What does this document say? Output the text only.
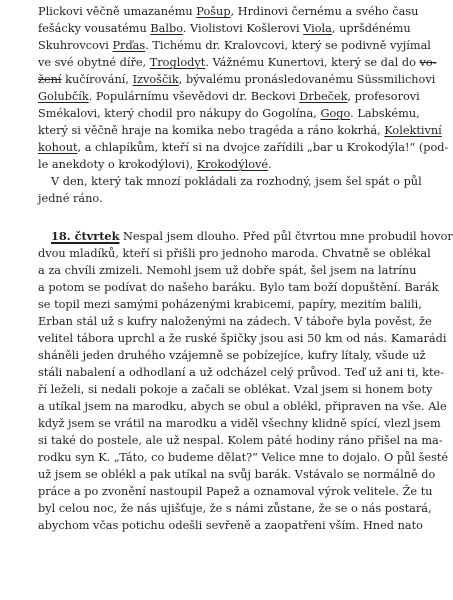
Plickovi věčně umazanému Pošup, Hrdinovi černému a svého času
fešácky vousatému Balbo. Violistovi Košlerovi Viola, upršdénému
Skuhrovcovi Prďas. Tichému dr. Kralovcovi, který se podivně vyjímal
ve své obytné díře, Troglodyt. Vážnému Kunertovi, který se dal do vo-
žení kučírování, Izvoščik, bývalému pronásledovanému Süssmilichovi
Golubčík. Populárnímu vševědovi dr. Beckovi Drbeček, profesorovi
Smékalovi, který chodil pro nákupy do Gogolína, Gogo. Labskému,
který si věčně hraje na komika nebo tragéda a ráno kokrhá, Kolektivní
kohout, a chlapíkům, kteří si na dvojce zařídili „bar u Krokodýla!“ (pod-
le anekdoty o krokodýlovi), Krokodýlové.
V den, který tak mnozí pokládali za rozhodný, jsem šel spát o půl
jedné ráno.
18. čtvrtek Nespal jsem dlouho. Před půl čtvrtou mne probudil hovor
dvou mladíků, kteří si přišli pro jednoho maroda. Chvatně se oblékal
a za chvíli zmizeli. Nemohl jsem už dobře spát, šel jsem na latrínu
a potom se podívat do našeho baráku. Bylo tam boží dopuštění. Barák
se topil mezi samými poházenými krabicemi, papíry, mezitím balili,
Erban stál už s kufry naloženými na zádech. V táboře byla pověst, že
velitel tábora uprchl a že ruské špičky jsou asi 50 km od nás. Kamarádi
sháněli jeden druhého vzájemně se pobízejíce, kufry lítaly, všude už
stáli nabalení a odhodlaní a už odcházel celý průvod. Teď už ani ti, kte-
ří leželi, si nedali pokoje a začali se oblékat. Vzal jsem si honem boty
a utíkal jsem na marodku, abych se obul a oblékl, připraven na vše. Ale
když jsem se vrátil na marodku a viděl všechny klidně spící, vlezl jsem
si také do postele, ale už nespal. Kolem páté hodiny ráno přišel na ma-
rodku syn K. „Táto, co budeme dělat?“ Velice mne to dojalo. O půl šesté
už jsem se oblékl a pak utíkal na svůj barák. Vstávalo se normálně do
práce a po zvonění nastoupil Papež a oznamoval výrok velitele. Že tu
byl celou noc, že nás ujišťuje, že s námi zůstane, že se o nás postará,
abychom včas potichu odešli sevřeně a zaopatřeni vším. Hned nato
